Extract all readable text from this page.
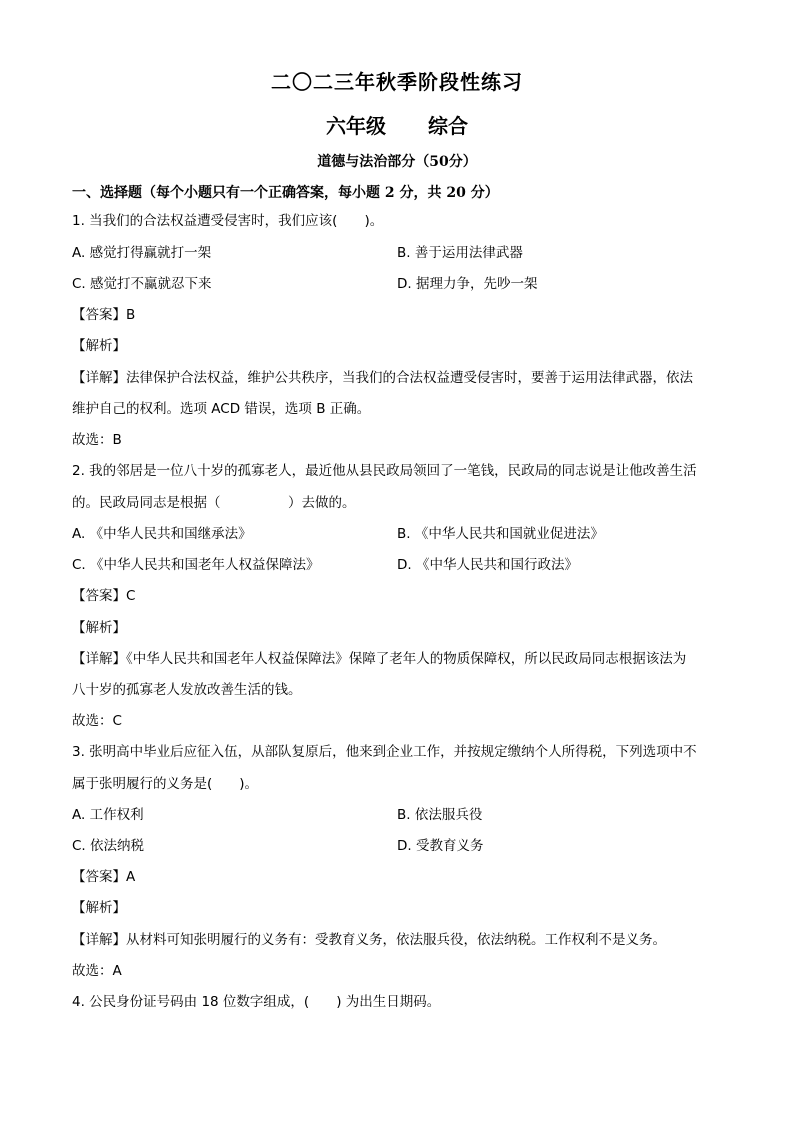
二〇二三年秋季阶段性练习
六年级 综合
道德与法治部分（50分）
一、选择题（每个小题只有一个正确答案，每小题 2 分，共 20 分）
1. 当我们的合法权益遭受侵害时，我们应该(　　)。
A. 感觉打得赢就打一架	B. 善于运用法律武器
C. 感觉打不赢就忍下来	D. 据理力争，先吵一架
【答案】B
【解析】
【详解】法律保护合法权益，维护公共秩序，当我们的合法权益遭受侵害时，要善于运用法律武器，依法
维护自己的权利。选项 ACD 错误，选项 B 正确。
故选：B
2. 我的邻居是一位八十岁的孤寡老人，最近他从县民政局领回了一笔钱，民政局的同志说是让他改善生活
的。民政局同志是根据（　　　　　）去做的。
A. 《中华人民共和国继承法》	B. 《中华人民共和国就业促进法》
C. 《中华人民共和国老年人权益保障法》	D. 《中华人民共和国行政法》
【答案】C
【解析】
【详解】《中华人民共和国老年人权益保障法》保障了老年人的物质保障权，所以民政局同志根据该法为
八十岁的孤寡老人发放改善生活的钱。
故选：C
3. 张明高中毕业后应征入伍，从部队复原后，他来到企业工作，并按规定缴纳个人所得税，下列选项中不
属于张明履行的义务是(　　)。
A. 工作权利	B. 依法服兵役
C. 依法纳税	D. 受教育义务
【答案】A
【解析】
【详解】从材料可知张明履行的义务有：受教育义务，依法服兵役，依法纳税。工作权利不是义务。
故选：A
4. 公民身份证号码由 18 位数字组成，(　　) 为出生日期码。
